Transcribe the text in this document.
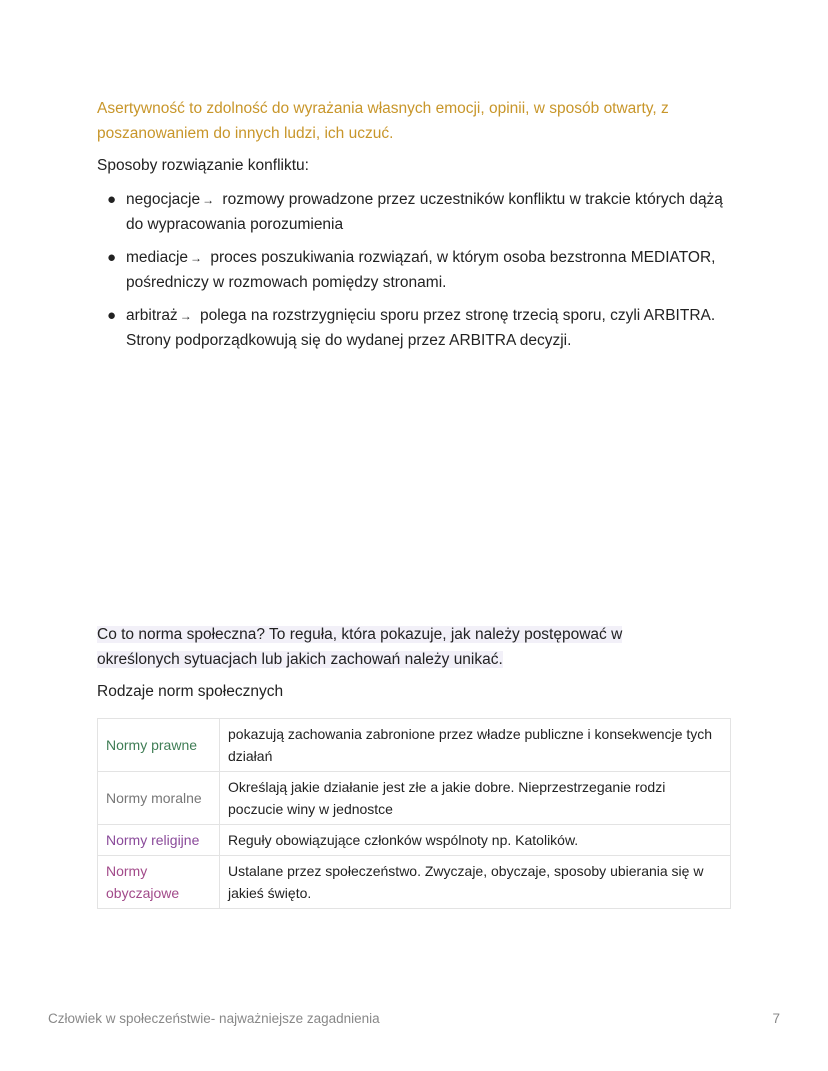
Asertywność to zdolność do wyrażania własnych emocji, opinii, w sposób otwarty, z poszanowaniem do innych ludzi, ich uczuć.

Sposoby rozwiązanie konfliktu:

● negocjacje → rozmowy prowadzone przez uczestników konfliktu w trakcie których dążą do wypracowania porozumienia
● mediacje → proces poszukiwania rozwiązań, w którym osoba bezstronna MEDIATOR, pośredniczy w rozmowach pomiędzy stronami.
● arbitraż → polega na rozstrzygnięciu sporu przez stronę trzecią sporu, czyli ARBITRA. Strony podporządkowują się do wydanej przez ARBITRA decyzji.

Co to norma społeczna? To reguła, która pokazuje, jak należy postępować w
określonych sytuacjach lub jakich zachowań należy unikać.

Rodzaje norm społecznych

Normy prawne	pokazują zachowania zabronione przez władze publiczne i konsekwencje tych działań
Normy moralne	Określają jakie działanie jest złe a jakie dobre. Nieprzestrzeganie rodzi poczucie winy w jednostce
Normy religijne	Reguły obowiązujące członków wspólnoty np. Katolików.
Normy obyczajowe	Ustalane przez społeczeństwo. Zwyczaje, obyczaje, sposoby ubierania się w jakieś święto.
Człowiek w społeczeństwie- najważniejsze zagadnienia	7
